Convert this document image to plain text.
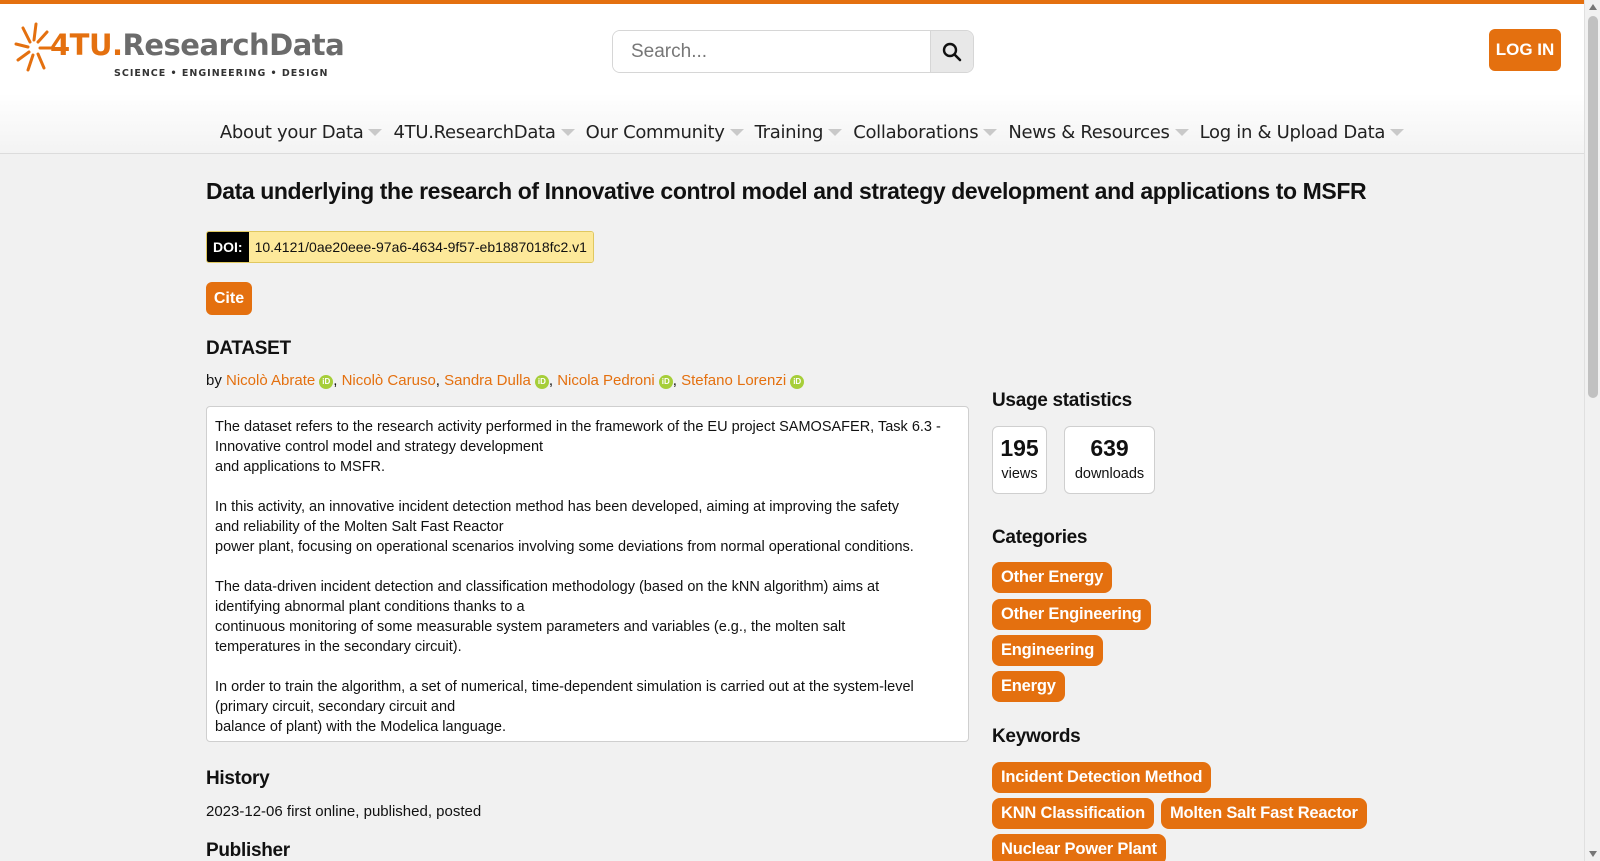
4TU.ResearchData
SCIENCE • ENGINEERING • DESIGN
Search...
LOG IN
About your Data 4TU.ResearchData Our Community Training Collaborations News & Resources Log in & Upload Data
Data underlying the research of Innovative control model and strategy development and applications to MSFR
DOI: 10.4121/0ae20eee-97a6-4634-9f57-eb1887018fc2.v1
Cite
DATASET
by Nicolò Abrate iD , Nicolò Caruso, Sandra Dulla iD , Nicola Pedroni iD , Stefano Lorenzi iD

The dataset refers to the research activity performed in the framework of the EU project SAMOSAFER, Task 6.3 -
Innovative control model and strategy development
and applications to MSFR.

In this activity, an innovative incident detection method has been developed, aiming at improving the safety
and reliability of the Molten Salt Fast Reactor
power plant, focusing on operational scenarios involving some deviations from normal operational conditions.

The data-driven incident detection and classification methodology (based on the kNN algorithm) aims at
identifying abnormal plant conditions thanks to a
continuous monitoring of some measurable system parameters and variables (e.g., the molten salt
temperatures in the secondary circuit).

In order to train the algorithm, a set of numerical, time-dependent simulation is carried out at the system-level
(primary circuit, secondary circuit and
balance of plant) with the Modelica language.

History
2023-12-06 first online, published, posted
Publisher
Usage statistics
195
views
639
downloads
Categories
Other Energy
Other Engineering
Engineering
Energy
Keywords
Incident Detection Method
KNN Classification	Molten Salt Fast Reactor
Nuclear Power Plant
